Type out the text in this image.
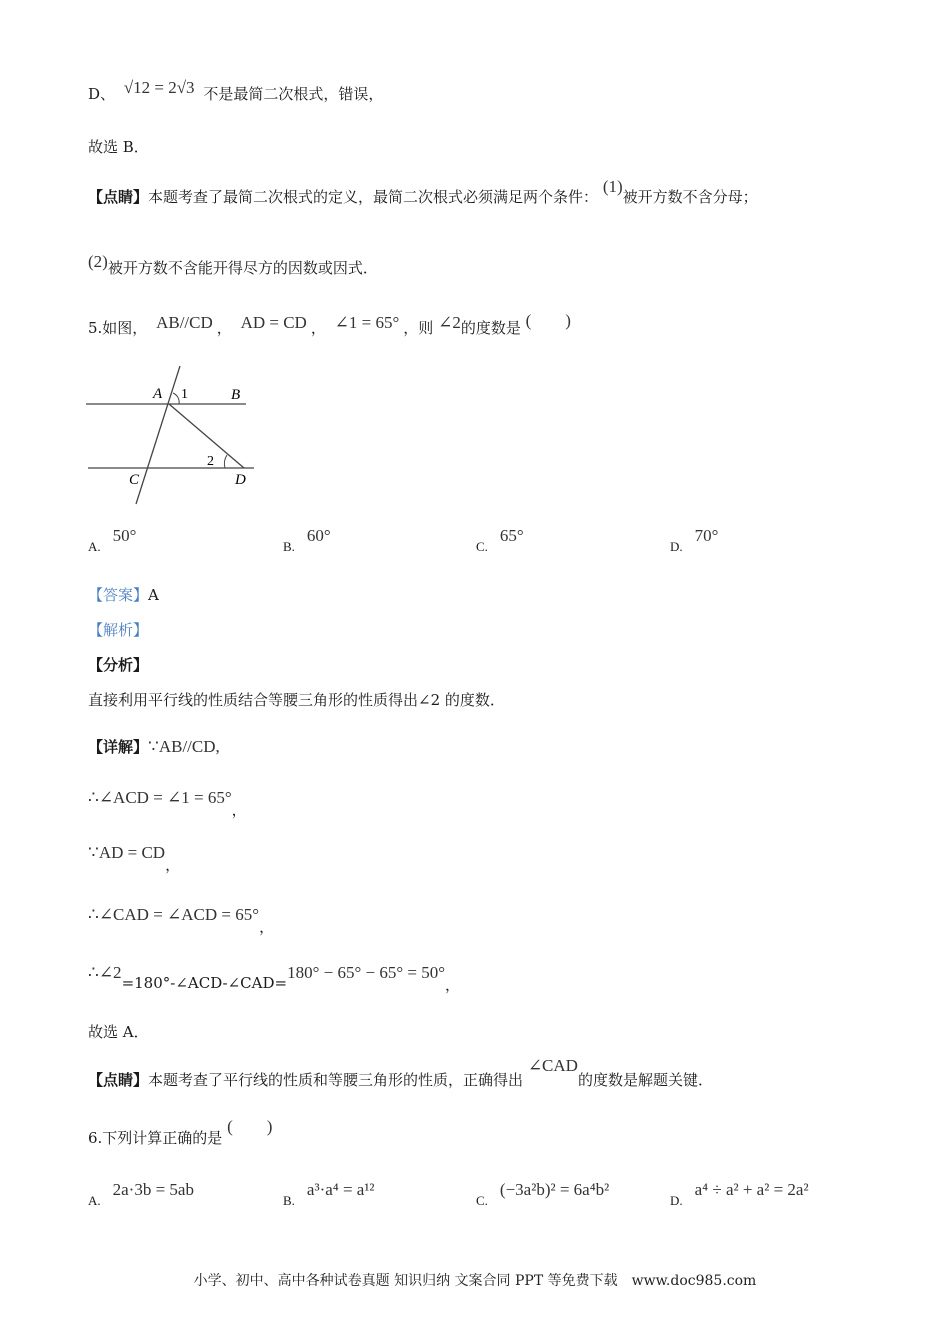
D、 √12 = 2√3 不是最简二次根式，错误，
故选 B．
【点睛】本题考查了最简二次根式的定义，最简二次根式必须满足两个条件： (1)被开方数不含分母；
(2)被开方数不含能开得尽方的因数或因式．
5.如图， AB//CD ， AD = CD ， ∠1 = 65° ，则 ∠2的度数是 (　　)
A 1	B
2
C	D
A.50°
B.60°
C.65°
D.70°
【答案】A
【解析】
【分析】
直接利用平行线的性质结合等腰三角形的性质得出∠2 的度数．
【详解】∵AB//CD,
∴∠ACD = ∠1 = 65°，
∵AD = CD，
∴∠CAD = ∠ACD = 65°，
∴∠2=180°-∠ACD-∠CAD=180° − 65° − 65° = 50°，
故选 A．
【点睛】本题考查了平行线的性质和等腰三角形的性质，正确得出 ∠CAD的度数是解题关键．
6.下列计算正确的是 (　　)
A.2a·3b = 5ab
B.a³·a⁴ = a¹²
C.(−3a²b)² = 6a⁴b²
D.a⁴ ÷ a² + a² = 2a²
小学、初中、高中各种试卷真题 知识归纳 文案合同 PPT 等免费下载　www.doc985.com
